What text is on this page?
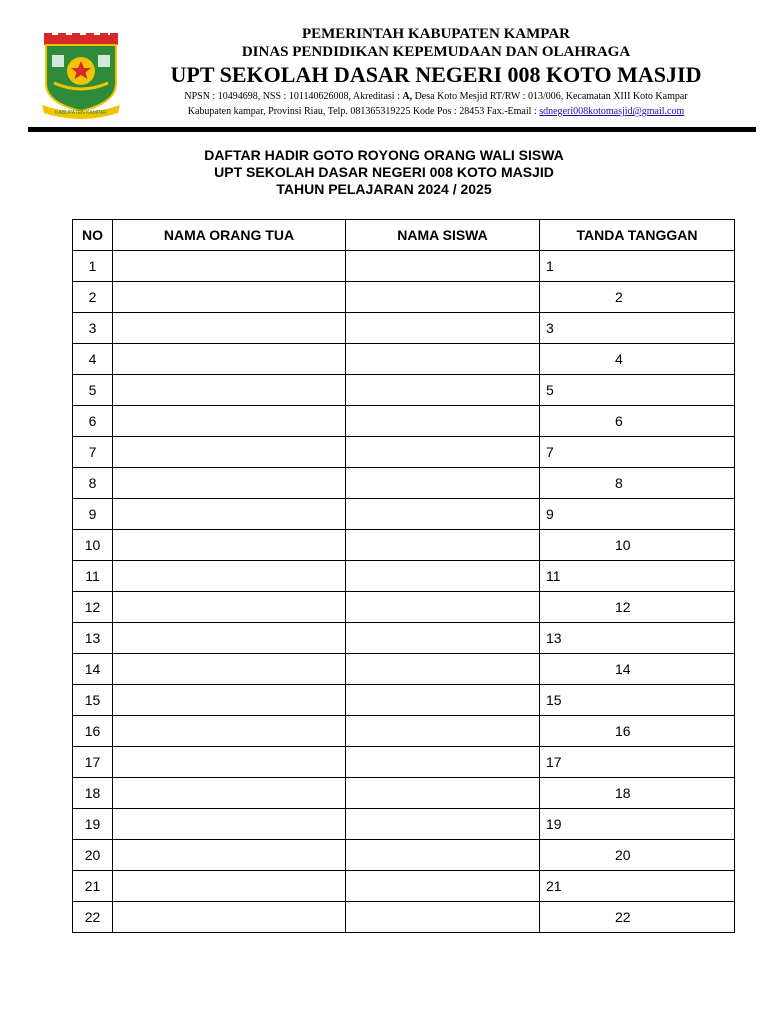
KABUPATEN KAMPAR
PEMERINTAH KABUPATEN KAMPAR
DINAS PENDIDIKAN KEPEMUDAAN DAN OLAHRAGA
UPT SEKOLAH DASAR NEGERI 008 KOTO MASJID
NPSN : 10494698, NSS : 101140626008, Akreditasi : A, Desa Koto Mesjid RT/RW : 013/006, Kecamatan XIII Koto Kampar
Kabupaten kampar, Provinsi Riau, Telp. 081365319225 Kode Pos : 28453 Fax.-Email : sdnegeri008kotomasjid@gmail.com
DAFTAR HADIR GOTO ROYONG ORANG WALI SISWA
UPT SEKOLAH DASAR NEGERI 008 KOTO MASJID
TAHUN PELAJARAN 2024 / 2025
NO	NAMA ORANG TUA	NAMA SISWA	TANDA TANGGAN
1			1

2			2

3			3

4			4

5			5

6			6

7			7

8			8

9			9

10			10

11			11

12			12

13			13

14			14

15			15

16			16

17			17

18			18

19			19

20			20

21			21

22			22
